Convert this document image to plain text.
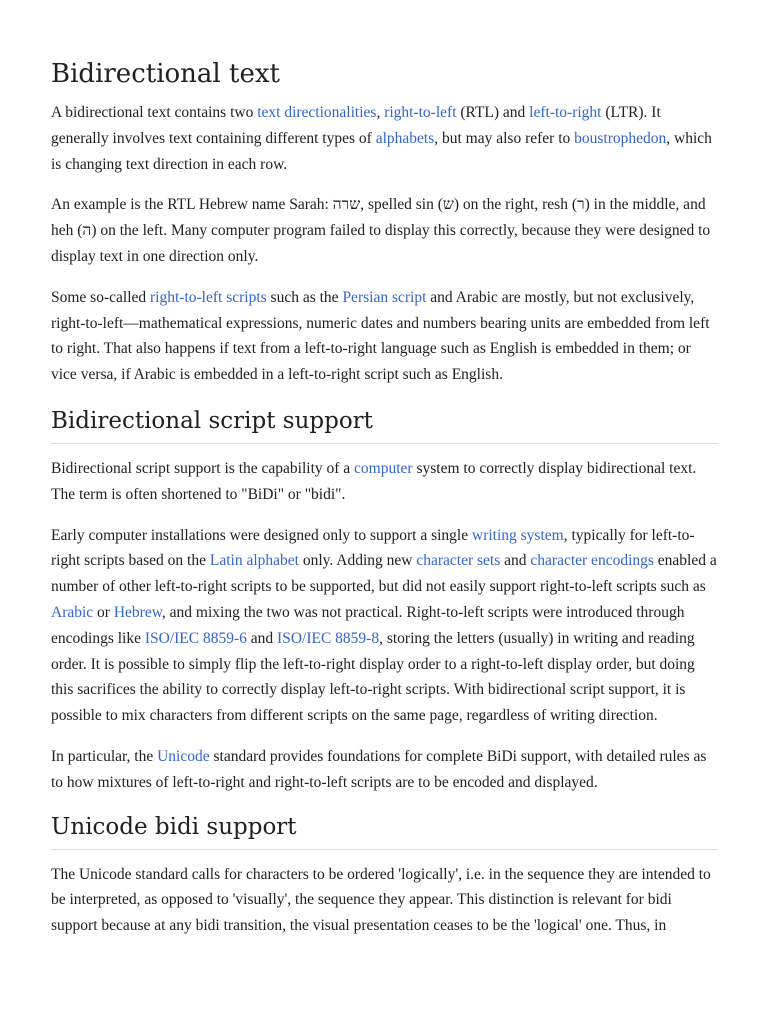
Bidirectional text

A bidirectional text contains two text directionalities, right-to-left (RTL) and left-to-right (LTR). It generally involves text containing different types of alphabets, but may also refer to boustrophedon, which is changing text direction in each row.

An example is the RTL Hebrew name Sarah: שרה, spelled sin (ש) on the right, resh (ר) in the middle, and heh (ה) on the left. Many computer program failed to display this correctly, because they were designed to display text in one direction only.

Some so-called right-to-left scripts such as the Persian script and Arabic are mostly, but not exclusively, right-to-left—mathematical expressions, numeric dates and numbers bearing units are embedded from left to right. That also happens if text from a left-to-right language such as English is embedded in them; or vice versa, if Arabic is embedded in a left-to-right script such as English.

Bidirectional script support

Bidirectional script support is the capability of a computer system to correctly display bidirectional text. The term is often shortened to "BiDi" or "bidi".

Early computer installations were designed only to support a single writing system, typically for left-to-right scripts based on the Latin alphabet only. Adding new character sets and character encodings enabled a number of other left-to-right scripts to be supported, but did not easily support right-to-left scripts such as Arabic or Hebrew, and mixing the two was not practical. Right-to-left scripts were introduced through encodings like ISO/IEC 8859-6 and ISO/IEC 8859-8, storing the letters (usually) in writing and reading order. It is possible to simply flip the left-to-right display order to a right-to-left display order, but doing this sacrifices the ability to correctly display left-to-right scripts. With bidirectional script support, it is possible to mix characters from different scripts on the same page, regardless of writing direction.

In particular, the Unicode standard provides foundations for complete BiDi support, with detailed rules as to how mixtures of left-to-right and right-to-left scripts are to be encoded and displayed.

Unicode bidi support

The Unicode standard calls for characters to be ordered 'logically', i.e. in the sequence they are intended to be interpreted, as opposed to 'visually', the sequence they appear. This distinction is relevant for bidi support because at any bidi transition, the visual presentation ceases to be the 'logical' one. Thus, in
